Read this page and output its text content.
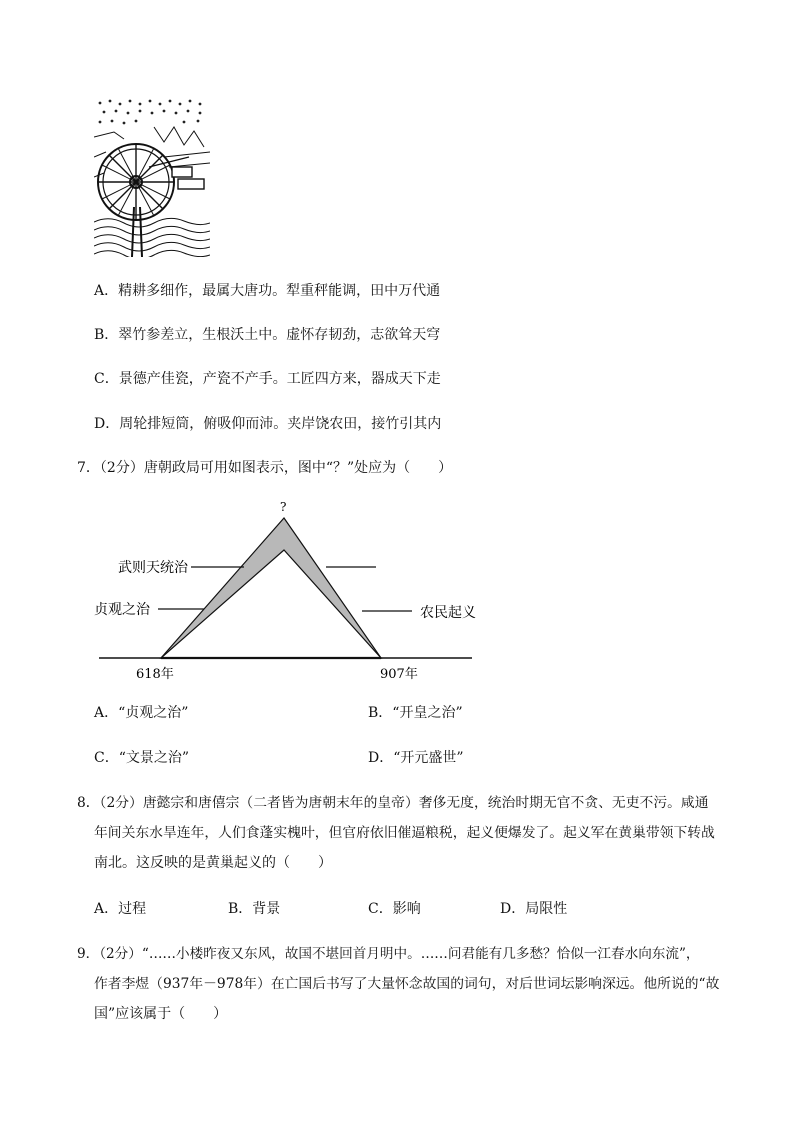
A．精耕多细作，最属大唐功。犁重秤能调，田中万代通
B．翠竹参差立，生根沃土中。虚怀存韧劲，志欲耸天穹
C．景德产佳瓷，产瓷不产手。工匠四方来，器成天下走
D．周轮排短筒，俯吸仰而沛。夹岸饶农田，接竹引其内
7．（2分）唐朝政局可用如图表示，图中“？”处应为（　　）
?
武则天统治
贞观之治	农民起义
618年	907年
A．“贞观之治”	B．“开皇之治”
C．“文景之治”	D．“开元盛世”
8．（2分）唐懿宗和唐僖宗（二者皆为唐朝末年的皇帝）奢侈无度，统治时期无官不贪、无吏不污。咸通
年间关东水旱连年，人们食蓬实槐叶，但官府依旧催逼粮税，起义便爆发了。起义军在黄巢带领下转战
南北。这反映的是黄巢起义的（　　）
A．过程	B．背景	C．影响	D．局限性
9．（2分）“……小楼昨夜又东风，故国不堪回首月明中。……问君能有几多愁？恰似一江春水向东流”，
作者李煜（937年－978年）在亡国后书写了大量怀念故国的词句，对后世词坛影响深远。他所说的“故
国”应该属于（　　）
